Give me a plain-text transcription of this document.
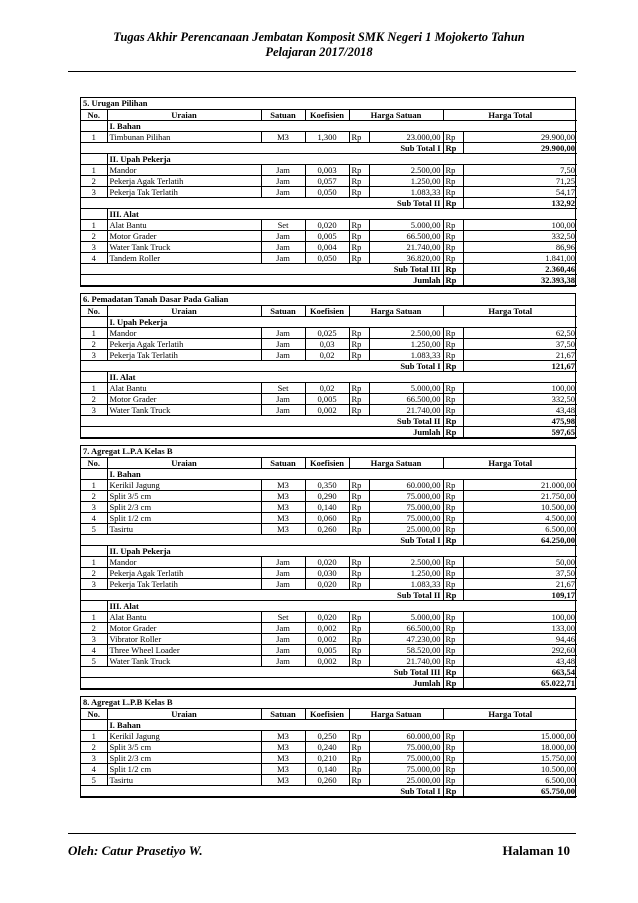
Tugas Akhir Perencanaan Jembatan Komposit SMK Negeri 1 Mojokerto Tahun
Pelajaran 2017/2018
5. Urugan Pilihan
No.	Uraian	Satuan	Koefisien	Harga Satuan		Harga Total	
	I. Bahan						
1	Timbunan Pilihan	M3	1,300	Rp	23.000,00	Rp	29.900,00
					Sub Total I	Rp	29.900,00
	II. Upah Pekerja						
1	Mandor	Jam	0,003	Rp	2.500,00	Rp	7,50
2	Pekerja Agak Terlatih	Jam	0,057	Rp	1.250,00	Rp	71,25
3	Pekerja Tak Terlatih	Jam	0,050	Rp	1.083,33	Rp	54,17
					Sub Total II	Rp	132,92
	III. Alat						
1	Alat Bantu	Set	0,020	Rp	5.000,00	Rp	100,00
2	Motor Grader	Jam	0,005	Rp	66.500,00	Rp	332,50
3	Water Tank Truck	Jam	0,004	Rp	21.740,00	Rp	86,96
4	Tandem Roller	Jam	0,050	Rp	36.820,00	Rp	1.841,00
					Sub Total III	Rp	2.360,46
					Jumlah	Rp	32.393,38
6. Pemadatan Tanah Dasar Pada Galian
No.	Uraian	Satuan	Koefisien	Harga Satuan		Harga Total	
	I. Upah Pekerja						
1	Mandor	Jam	0,025	Rp	2.500,00	Rp	62,50
2	Pekerja Agak Terlatih	Jam	0,03	Rp	1.250,00	Rp	37,50
3	Pekerja Tak Terlatih	Jam	0,02	Rp	1.083,33	Rp	21,67
					Sub Total I	Rp	121,67
	II. Alat						
1	Alat Bantu	Set	0,02	Rp	5.000,00	Rp	100,00
2	Motor Grader	Jam	0,005	Rp	66.500,00	Rp	332,50
3	Water Tank Truck	Jam	0,002	Rp	21.740,00	Rp	43,48
					Sub Total II	Rp	475,98
					Jumlah	Rp	597,65
7. Agregat L.P.A Kelas B
No.	Uraian	Satuan	Koefisien	Harga Satuan		Harga Total	
	I. Bahan						
1	Kerikil Jagung	M3	0,350	Rp	60.000,00	Rp	21.000,00
2	Split 3/5 cm	M3	0,290	Rp	75.000,00	Rp	21.750,00
3	Split 2/3 cm	M3	0,140	Rp	75.000,00	Rp	10.500,00
4	Split 1/2 cm	M3	0,060	Rp	75.000,00	Rp	4.500,00
5	Tasirtu	M3	0,260	Rp	25.000,00	Rp	6.500,00
					Sub Total I	Rp	64.250,00
	II. Upah Pekerja						
1	Mandor	Jam	0,020	Rp	2.500,00	Rp	50,00
2	Pekerja Agak Terlatih	Jam	0,030	Rp	1.250,00	Rp	37,50
3	Pekerja Tak Terlatih	Jam	0,020	Rp	1.083,33	Rp	21,67
					Sub Total II	Rp	109,17
	III. Alat						
1	Alat Bantu	Set	0,020	Rp	5.000,00	Rp	100,00
2	Motor Grader	Jam	0,002	Rp	66.500,00	Rp	133,00
3	Vibrator Roller	Jam	0,002	Rp	47.230,00	Rp	94,46
4	Three Wheel Loader	Jam	0,005	Rp	58.520,00	Rp	292,60
5	Water Tank Truck	Jam	0,002	Rp	21.740,00	Rp	43,48
					Sub Total III	Rp	663,54
					Jumlah	Rp	65.022,71
8. Agregat L.P.B Kelas B
No.	Uraian	Satuan	Koefisien	Harga Satuan		Harga Total	
	I. Bahan						
1	Kerikil Jagung	M3	0,250	Rp	60.000,00	Rp	15.000,00
2	Split 3/5 cm	M3	0,240	Rp	75.000,00	Rp	18.000,00
3	Split 2/3 cm	M3	0,210	Rp	75.000,00	Rp	15.750,00
4	Split 1/2 cm	M3	0,140	Rp	75.000,00	Rp	10.500,00
5	Tasirtu	M3	0,260	Rp	25.000,00	Rp	6.500,00
					Sub Total I	Rp	65.750,00
Oleh: Catur Prasetiyo W.	Halaman 10
